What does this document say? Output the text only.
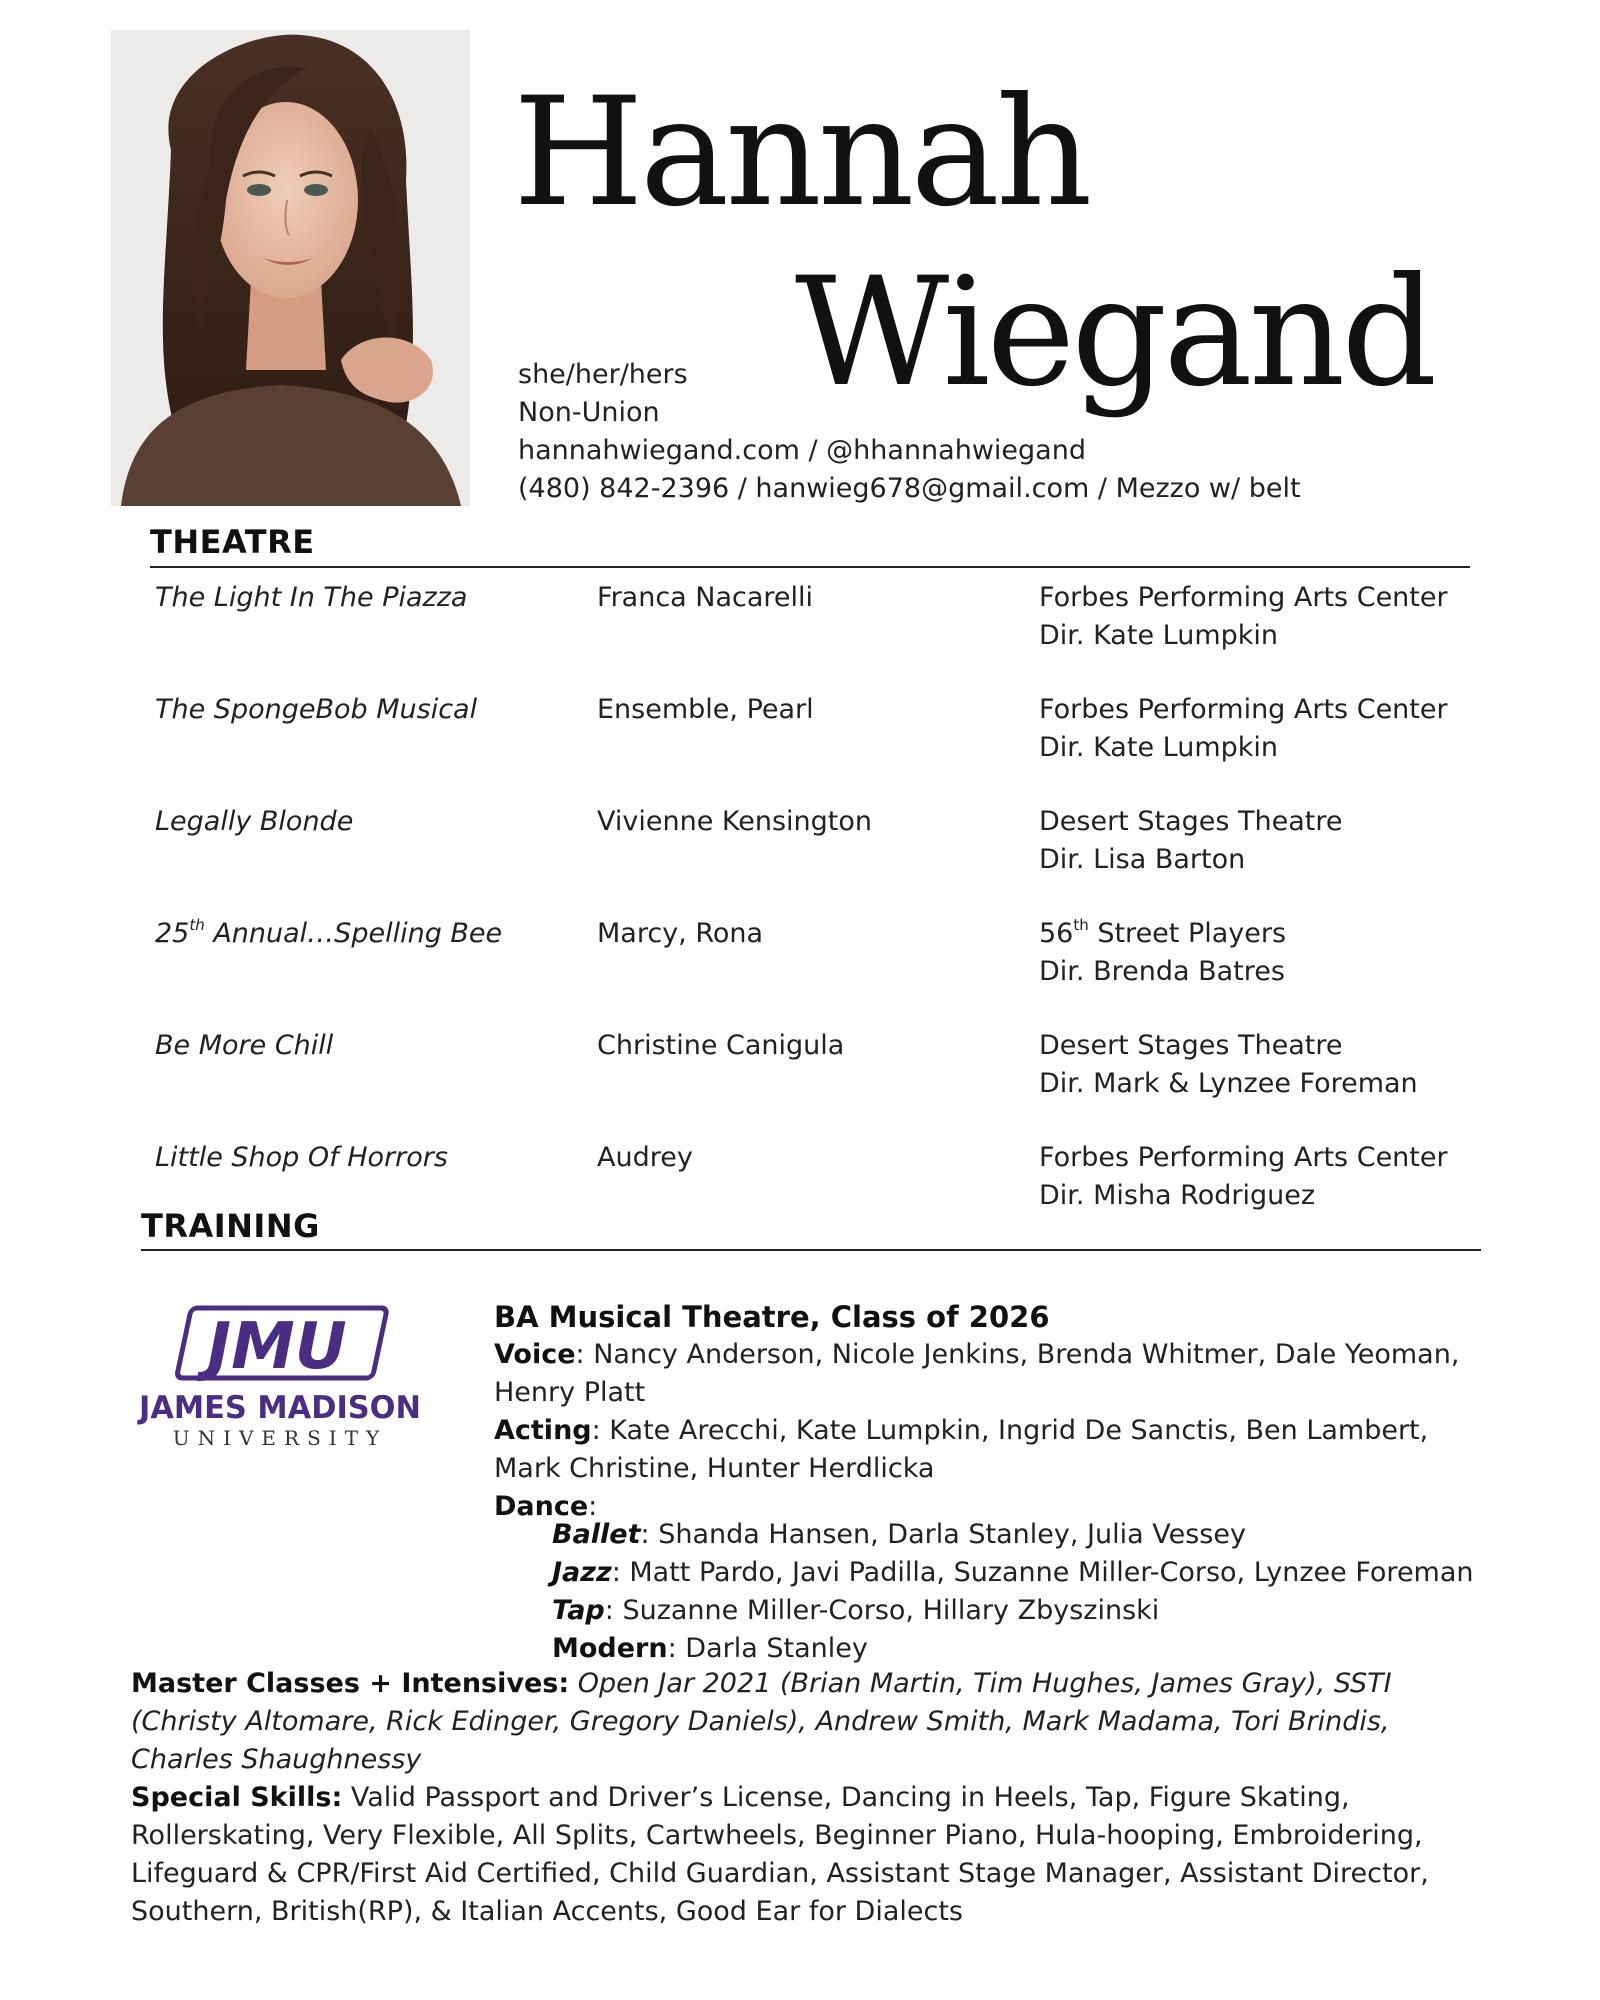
Hannah
Wiegand
she/her/hers
Non-Union
hannahwiegand.com / @hhannahwiegand
(480) 842-2396 / hanwieg678@gmail.com / Mezzo w/ belt
THEATRE
The Light In The Piazza	Franca Nacarelli	Forbes Performing Arts Center
Dir. Kate Lumpkin
The SpongeBob Musical	Ensemble, Pearl	Forbes Performing Arts Center
Dir. Kate Lumpkin
Legally Blonde	Vivienne Kensington	Desert Stages Theatre
Dir. Lisa Barton
25th Annual…Spelling Bee	Marcy, Rona	56th Street Players
Dir. Brenda Batres
Be More Chill	Christine Canigula	Desert Stages Theatre
Dir. Mark & Lynzee Foreman
Little Shop Of Horrors	Audrey	Forbes Performing Arts Center
Dir. Misha Rodriguez
TRAINING
JMU
JAMES MADISON
UNIVERSITY
BA Musical Theatre, Class of 2026
Voice: Nancy Anderson, Nicole Jenkins, Brenda Whitmer, Dale Yeoman,
Henry Platt
Acting: Kate Arecchi, Kate Lumpkin, Ingrid De Sanctis, Ben Lambert,
Mark Christine, Hunter Herdlicka
Dance:
Ballet: Shanda Hansen, Darla Stanley, Julia Vessey
Jazz: Matt Pardo, Javi Padilla, Suzanne Miller-Corso, Lynzee Foreman
Tap: Suzanne Miller-Corso, Hillary Zbyszinski
Modern: Darla Stanley
Master Classes + Intensives: Open Jar 2021 (Brian Martin, Tim Hughes, James Gray), SSTI
(Christy Altomare, Rick Edinger, Gregory Daniels), Andrew Smith, Mark Madama, Tori Brindis,
Charles Shaughnessy
Special Skills: Valid Passport and Driver’s License, Dancing in Heels, Tap, Figure Skating,
Rollerskating, Very Flexible, All Splits, Cartwheels, Beginner Piano, Hula-hooping, Embroidering,
Lifeguard & CPR/First Aid Certified, Child Guardian, Assistant Stage Manager, Assistant Director,
Southern, British(RP), & Italian Accents, Good Ear for Dialects
